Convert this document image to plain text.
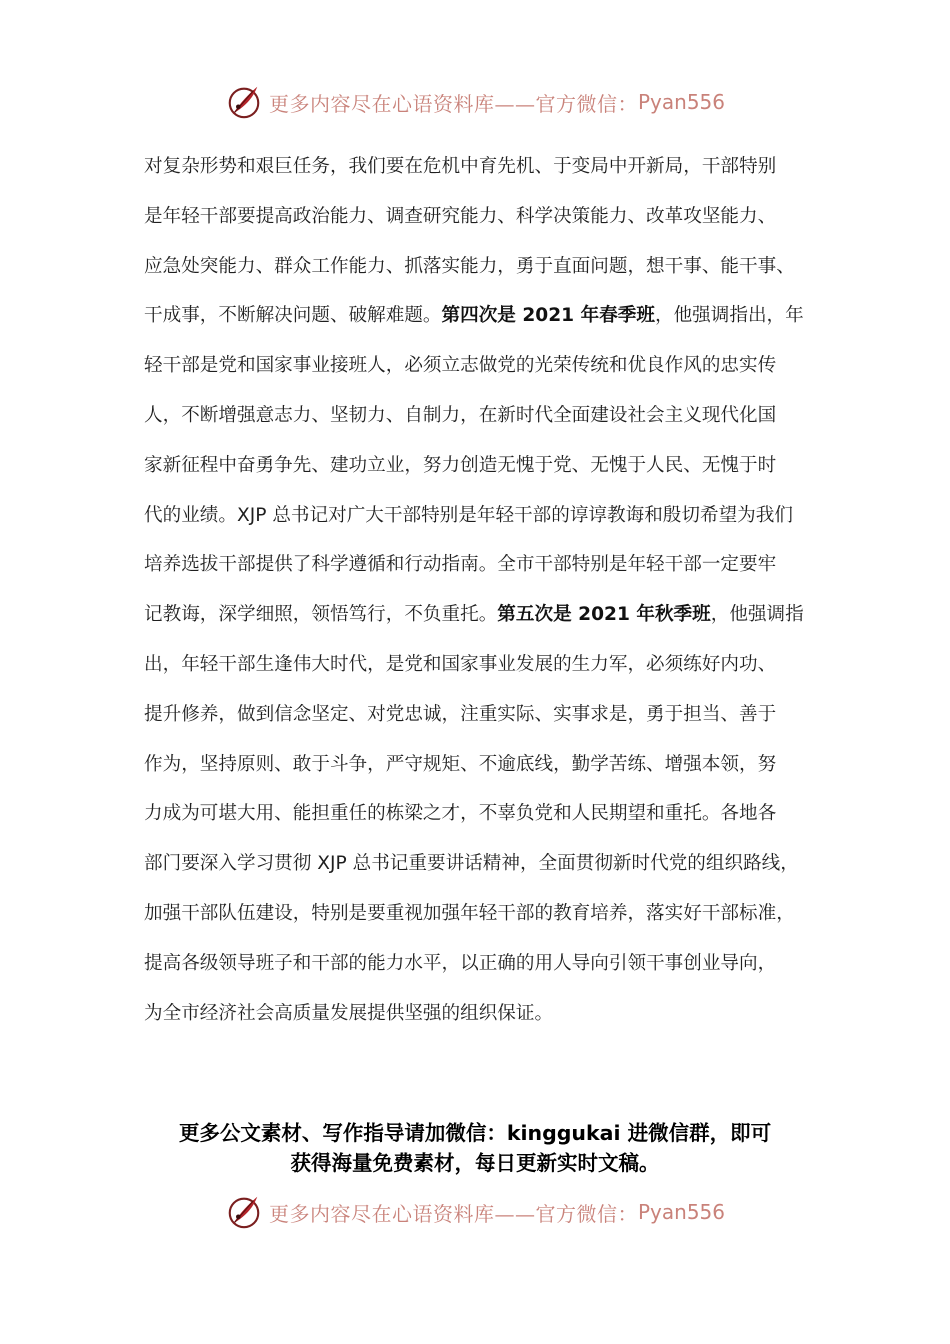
更多内容尽在心语资料库——官方微信： Pyan556
对复杂形势和艰巨任务，我们要在危机中育先机、于变局中开新局，干部特别
是年轻干部要提高政治能力、调查研究能力、科学决策能力、改革攻坚能力、
应急处突能力、群众工作能力、抓落实能力，勇于直面问题，想干事、能干事、
干成事，不断解决问题、破解难题。第四次是 2021 年春季班，他强调指出，年
轻干部是党和国家事业接班人，必须立志做党的光荣传统和优良作风的忠实传
人，不断增强意志力、坚韧力、自制力，在新时代全面建设社会主义现代化国
家新征程中奋勇争先、建功立业，努力创造无愧于党、无愧于人民、无愧于时
代的业绩。XJP 总书记对广大干部特别是年轻干部的谆谆教诲和殷切希望为我们
培养选拔干部提供了科学遵循和行动指南。全市干部特别是年轻干部一定要牢
记教诲，深学细照，领悟笃行，不负重托。第五次是 2021 年秋季班，他强调指
出，年轻干部生逢伟大时代，是党和国家事业发展的生力军，必须练好内功、
提升修养，做到信念坚定、对党忠诚，注重实际、实事求是，勇于担当、善于
作为，坚持原则、敢于斗争，严守规矩、不逾底线，勤学苦练、增强本领，努
力成为可堪大用、能担重任的栋梁之才，不辜负党和人民期望和重托。各地各
部门要深入学习贯彻 XJP 总书记重要讲话精神，全面贯彻新时代党的组织路线，
加强干部队伍建设，特别是要重视加强年轻干部的教育培养，落实好干部标准，
提高各级领导班子和干部的能力水平，以正确的用人导向引领干事创业导向，
为全市经济社会高质量发展提供坚强的组织保证。
更多公文素材、写作指导请加微信：kinggukai 进微信群，即可
获得海量免费素材，每日更新实时文稿。
更多内容尽在心语资料库——官方微信： Pyan556
